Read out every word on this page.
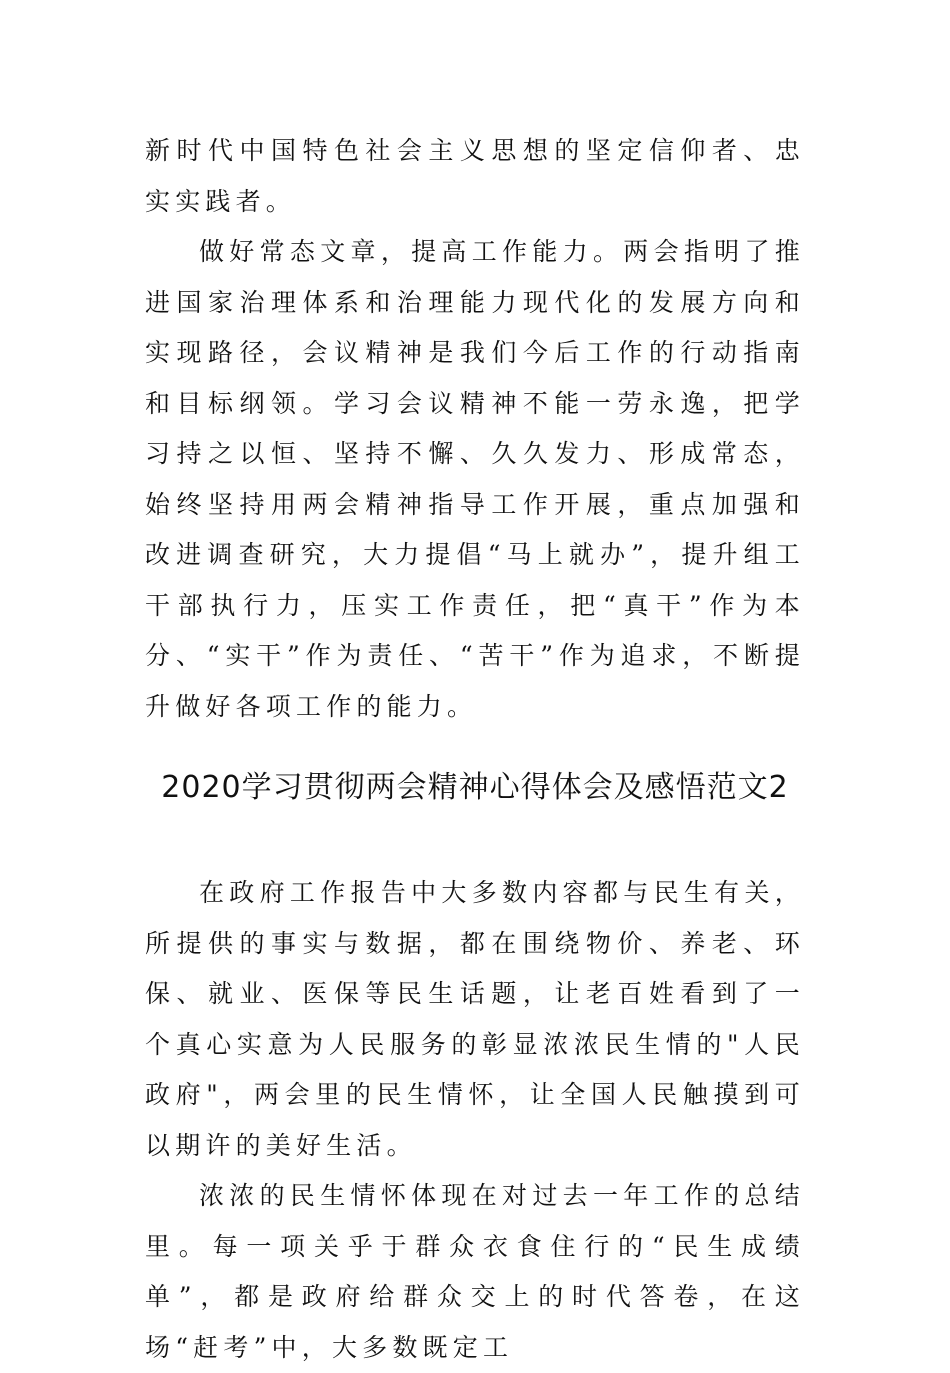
新时代中国特色社会主义思想的坚定信仰者、忠实实践者。

做好常态文章，提高工作能力。两会指明了推进国家治理体系和治理能力现代化的发展方向和实现路径，会议精神是我们今后工作的行动指南和目标纲领。学习会议精神不能一劳永逸，把学习持之以恒、坚持不懈、久久发力、形成常态，始终坚持用两会精神指导工作开展，重点加强和改进调查研究，大力提倡“马上就办”，提升组工干部执行力，压实工作责任，把“真干”作为本分、“实干”作为责任、“苦干”作为追求，不断提升做好各项工作的能力。

2020学习贯彻两会精神心得体会及感悟范文2

在政府工作报告中大多数内容都与民生有关，所提供的事实与数据，都在围绕物价、养老、环保、就业、医保等民生话题，让老百姓看到了一个真心实意为人民服务的彰显浓浓民生情的"人民政府"，两会里的民生情怀，让全国人民触摸到可以期许的美好生活。

浓浓的民生情怀体现在对过去一年工作的总结里。每一项关乎于群众衣食住行的“民生成绩单”，都是政府给群众交上的时代答卷，在这场“赶考”中，大多数既定工
